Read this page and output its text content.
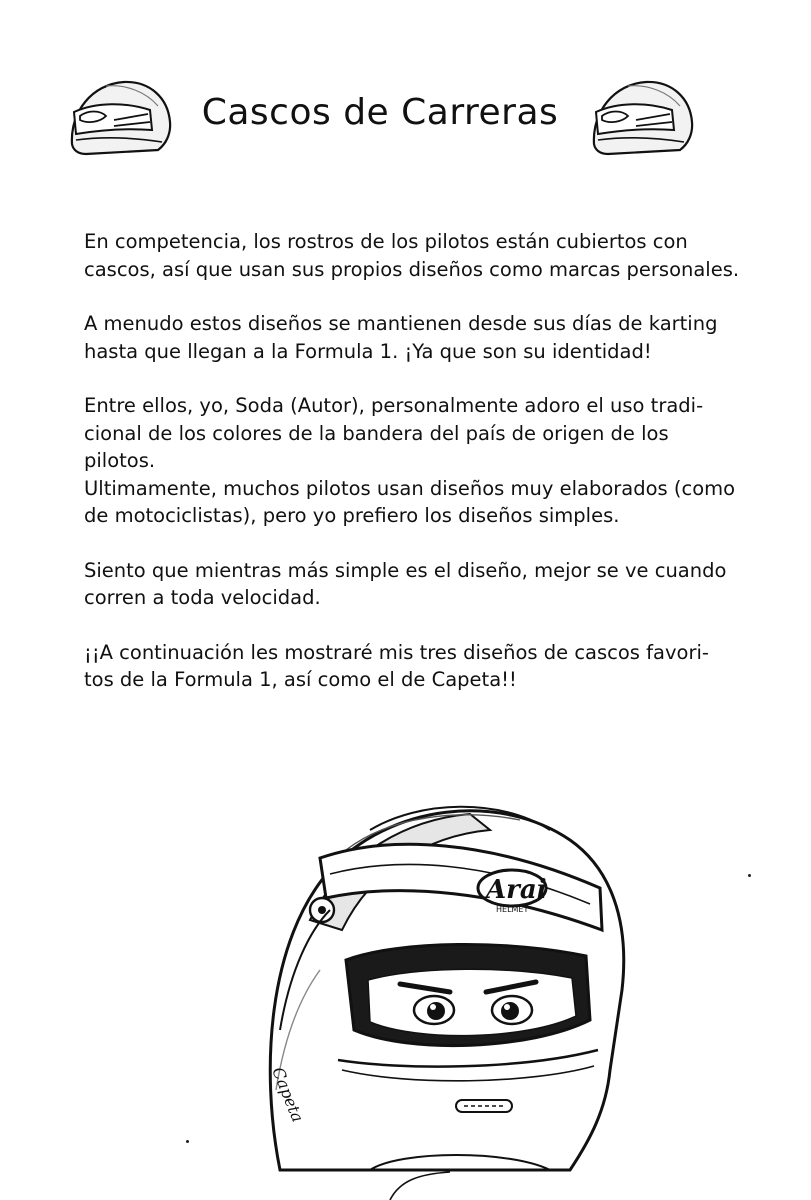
Cascos de Carreras

En competencia, los rostros de los pilotos están cubiertos con
cascos, así que usan sus propios diseños como marcas personales.

A menudo estos diseños se mantienen desde sus días de karting
hasta que llegan a la Formula 1. ¡Ya que son su identidad!

Entre ellos, yo, Soda (Autor), personalmente adoro el uso tradi-
cional de los colores de la bandera del país de origen de los pilotos.
Ultimamente, muchos pilotos usan diseños muy elaborados (como
de motociclistas), pero yo prefiero los diseños simples.

Siento que mientras más simple es el diseño, mejor se ve cuando
corren a toda velocidad.

¡¡A continuación les mostraré mis tres diseños de cascos favori-
tos de la Formula 1, así como el de Capeta!!

Arai
HELMET
Capeta
